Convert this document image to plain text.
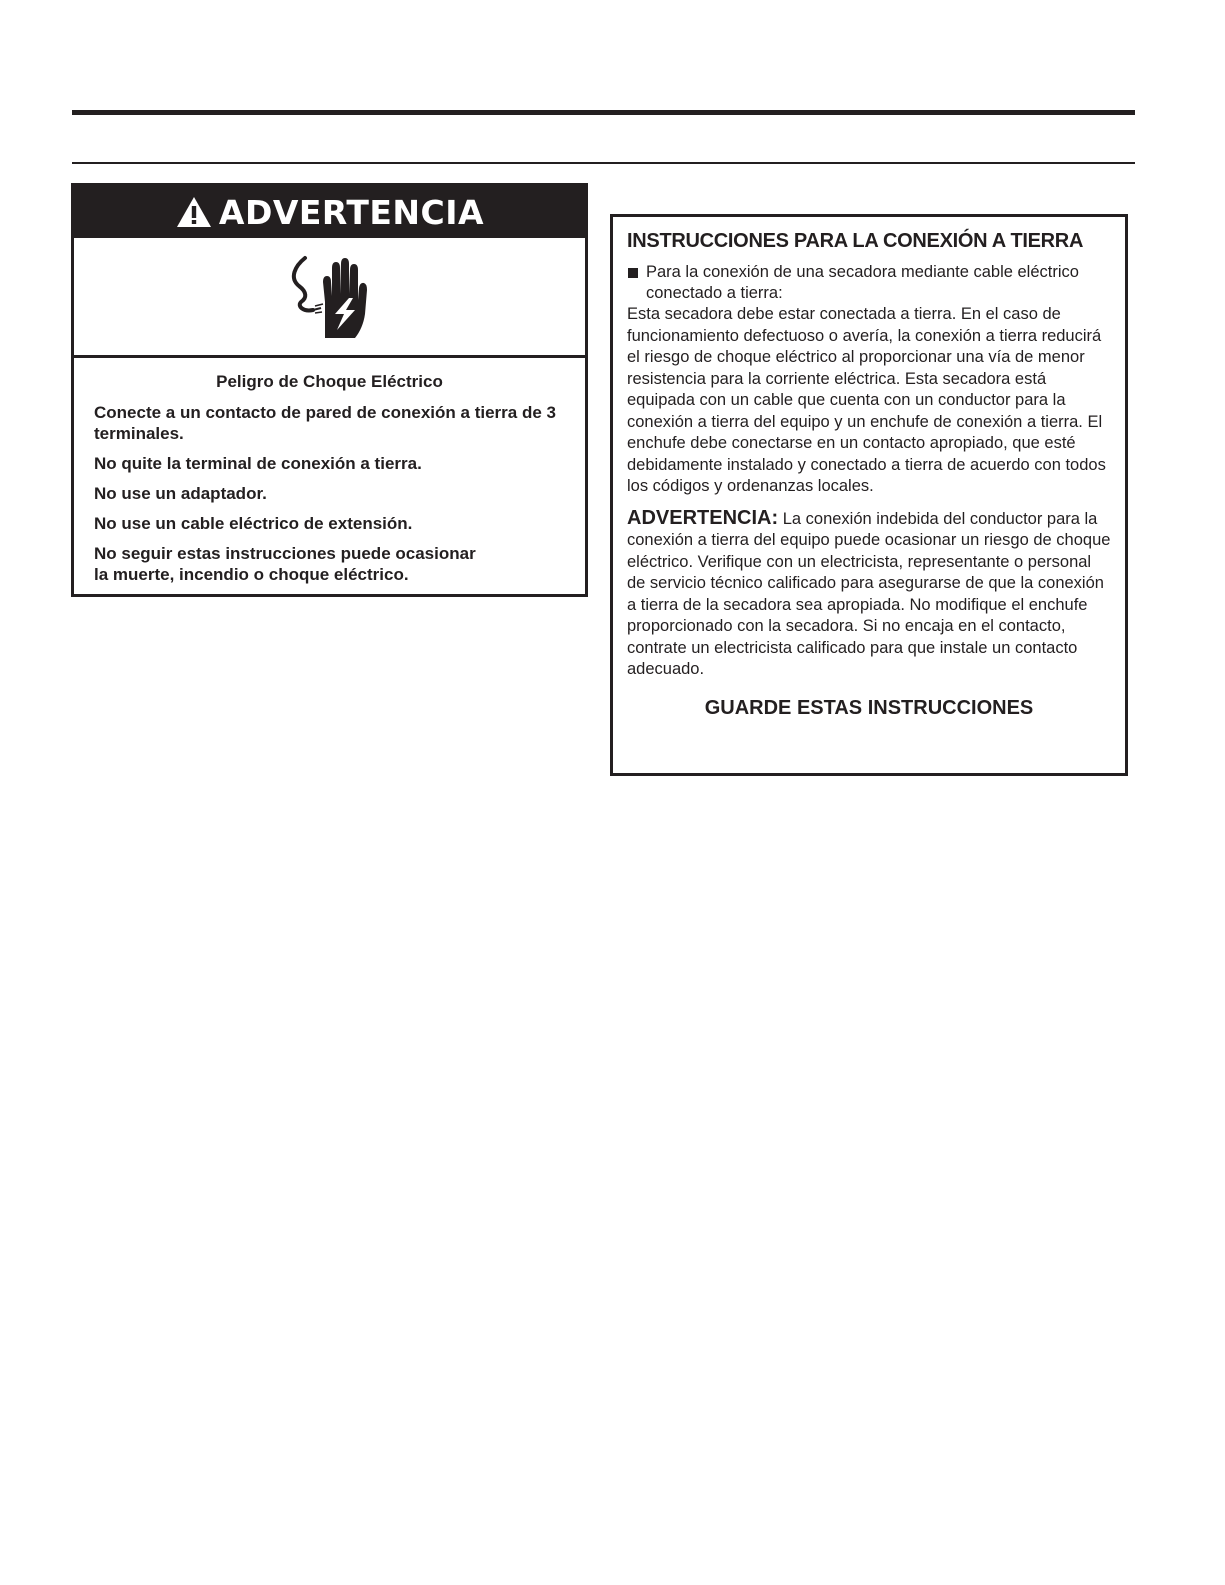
ADVERTENCIA

Peligro de Choque Eléctrico

Conecte a un contacto de pared de conexión a tierra de 3 terminales.

No quite la terminal de conexión a tierra.

No use un adaptador.

No use un cable eléctrico de extensión.

No seguir estas instrucciones puede ocasionar
la muerte, incendio o choque eléctrico.

INSTRUCCIONES PARA LA CONEXIÓN A TIERRA

Para la conexión de una secadora mediante cable eléctrico conectado a tierra:

Esta secadora debe estar conectada a tierra. En el caso de funcionamiento defectuoso o avería, la conexión a tierra reducirá el riesgo de choque eléctrico al proporcionar una vía de menor resistencia para la corriente eléctrica. Esta secadora está equipada con un cable que cuenta con un conductor para la conexión a tierra del equipo y un enchufe de conexión a tierra. El enchufe debe conectarse en un contacto apropiado, que esté debidamente instalado y conectado a tierra de acuerdo con todos los códigos y ordenanzas locales.

ADVERTENCIA: La conexión indebida del conductor para la conexión a tierra del equipo puede ocasionar un riesgo de choque eléctrico. Verifique con un electricista, representante o personal de servicio técnico calificado para asegurarse de que la conexión a tierra de la secadora sea apropiada. No modifique el enchufe proporcionado con la secadora. Si no encaja en el contacto, contrate un electricista calificado para que instale un contacto adecuado.

GUARDE ESTAS INSTRUCCIONES
